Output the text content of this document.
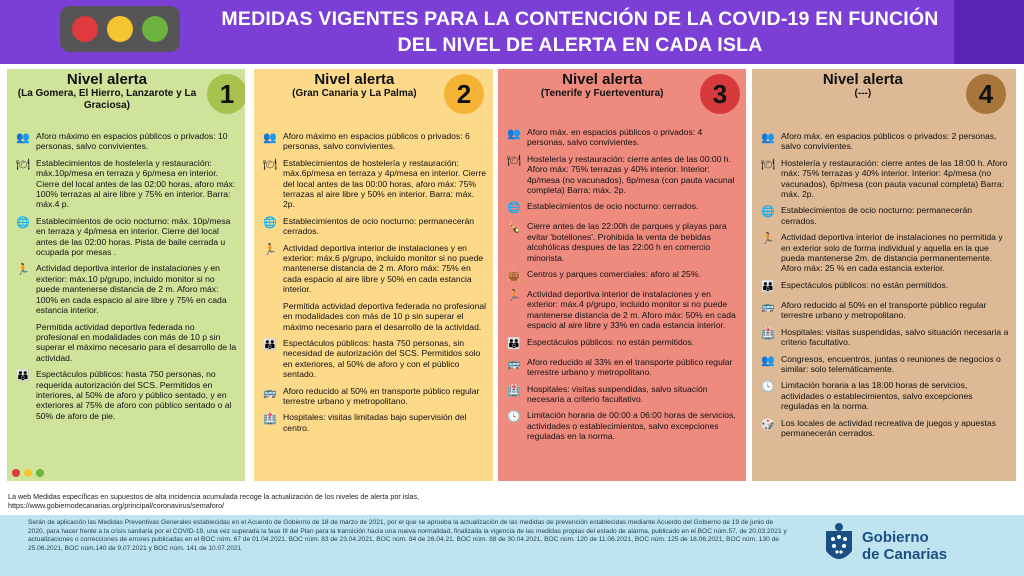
MEDIDAS VIGENTES PARA LA CONTENCIÓN DE LA COVID-19 EN FUNCIÓN
DEL NIVEL DE ALERTA EN CADA ISLA
Nivel alerta
(La Gomera, El Hierro, Lanzarote y La Graciosa)	1
👥 Aforo máximo en espacios públicos o privados: 10 personas, salvo convivientes.
🍽 Establecimientos de hostelería y restauración: máx.10p/mesa en terraza y 6p/mesa en interior. Cierre del local antes de las 02:00 horas, aforo máx: 100% terrazas al aire libre y 75% en interior. Barra: máx.4 p.
🌐 Establecimientos de ocio nocturno: máx. 10p/mesa en terraza y 4p/mesa en interior. Cierre del local antes de las 02:00 horas. Pista de baile cerrada u ocupada por mesas .
🏃 Actividad deportiva interior de instalaciones y en exterior: máx.10 p/grupo, incluido monitor si no puede mantenerse distancia de 2 m. Aforo máx: 100% en cada espacio al aire libre y 75% en cada estancia interior.
Permitida actividad deportiva federada no profesional en modalidades con más de 10 p sin superar el máximo necesario para el desarrollo de la actividad.
👪 Espectáculos públicos: hasta 750 personas, no requerida autorización del SCS. Permitidos en interiores, al 50% de aforo y público sentado, y en exteriores al 75% de aforo con público sentado o al 50% de aforo de pie.
Nivel alerta
(Gran Canaria y La Palma)	2
👥 Aforo máximo en espacios públicos o privados: 6 personas, salvo convivientes.
🍽 Establecimientos de hostelería y restauración: máx.6p/mesa en terraza y 4p/mesa en interior. Cierre del local antes de las 00:00 horas, aforo máx: 75% terrazas al aire libre y 50% en interior. Barra: máx. 2p.
🌐 Establecimientos de ocio nocturno: permanecerán cerrados.
🏃 Actividad deportiva interior de instalaciones y en exterior: máx.6 p/grupo, incluido monitor si no puede mantenerse distancia de 2 m. Aforo máx: 75% en cada espacio al aire libre y 50% en cada estancia interior.
Permitida actividad deportiva federada no profesional en modalidades con más de 10 p sin superar el máximo necesario para el desarrollo de la actividad.
👪 Espectáculos públicos: hasta 750 personas, sin necesidad de autorización del SCS. Permitidos solo en exteriores, al 50% de aforo y con el público sentado.
🚌 Aforo reducido al 50% en transporte público regular terrestre urbano y metropolitano.
🏥 Hospitales: visitas limitadas bajo supervisión del centro.
Nivel alerta
(Tenerife y Fuerteventura)	3
👥 Aforo máx. en espacios públicos o privados: 4 personas, salvo convivientes.
🍽 Hostelería y restauración: cierre antes de las 00:00 h. Aforo máx: 75% terrazas y 40% interior. Interior: 4p/mesa (no vacunados), 6p/mesa (con pauta vacunal completa) Barra: máx. 2p.
🌐 Establecimientos de ocio nocturno: cerrados.
🍾 Cierre antes de las 22:00h de parques y playas para evitar 'botellones'. Prohibida la venta de bebidas alcohólicas despues de las 22:00 h en comercio minorista.
👜 Centros y parques comerciales: aforo al 25%.
🏃 Actividad deportiva interior de instalaciones y en exterior: máx.4 p/grupo, incluido monitor si no puede mantenerse distancia de 2 m. Aforo máx: 50% en cada espacio al aire libre y 33% en cada estancia interior.
👪 Espectáculos públicos: no están permitidos.
🚌 Aforo reducido al 33% en el transporte público regular terrestre urbano y metropolitano.
🏥 Hospitales: visitas suspendidas, salvo situación necesaria a criterio facultativo.
🕓 Limitación horaria de 00:00 a 06:00 horas de servicios, actividades o establecimientos, salvo excepciones reguladas en la norma.
Nivel alerta
(---)	4
👥 Aforo máx. en espacios públicos o privados: 2 personas, salvo convivientes.
🍽 Hostelería y restauración: cierre antes de las 18:00 h. Aforo máx: 75% terrazas y 40% interior. Interior: 4p/mesa (no vacunados), 6p/mesa (con pauta vacunal completa) Barra: máx. 2p.
🌐 Establecimientos de ocio nocturno: permanecerán cerrados.
🏃 Actividad deportiva interior de instalaciones no permitida y en exterior solo de forma individual y aquella en la que pueda mantenerse 2m. de distancia permanentemente. Aforo máx: 25 % en cada estancia exterior.
👪 Espectáculos públicos: no están permitidos.
🚌 Aforo reducido al 50% en el transporte público regular terrestre urbano y metropolitano.
🏥 Hospitales: visitas suspendidas, salvo situación necesaria a criterio facultativo.
👥 Congresos, encuentros, juntas o reuniones de negocios o similar: solo telemáticamente.
🕓 Limitación horaria a las 18:00 horas de servicios, actividades o establecimientos, salvo excepciones reguladas en la norma.
🎲 Los locales de actividad recreativa de juegos y apuestas permanecerán cerrados.
La web Medidas específicas en supuestos de alta incidencia acumulada recoge la actualización de los niveles de alerta por islas,
https://www.gobiernodecanarias.org/principal/coronavirus/semaforo/
Serán de aplicación las Medidas Preventivas Generales establecidas en el Acuerdo de Gobierno de 18 de marzo de 2021, por el que se aprueba la actualización de las medidas de prevención establecidas mediante Acuerdo del Gobierno de 19 de junio de 2020, para hacer frente a la crisis sanitaria por el COVID-19, una vez superada la fase III del Plan para la transición hacia una nueva normalidad, finalizada la vigencia de las medidas propias del estado de alarma, publicado en el BOC núm.57, de 20.03.2021 y actualizaciones o correcciones de errores publicadas en el BOC núm. 67 de 01.04.2021, BOC núm. 83 de 23.04.2021, BOC núm. 84 de 26.04.21, BOC núm. 88 de 30.04.2021, BOC núm. 120 de 11.06.2021, BOC núm. 125 de 18.06.2021, BOC núm. 130 de 25.06.2021, BOC núm.140 de 9.07.2021 y BOC núm. 141 de 10.07.2021
Gobierno
de Canarias
